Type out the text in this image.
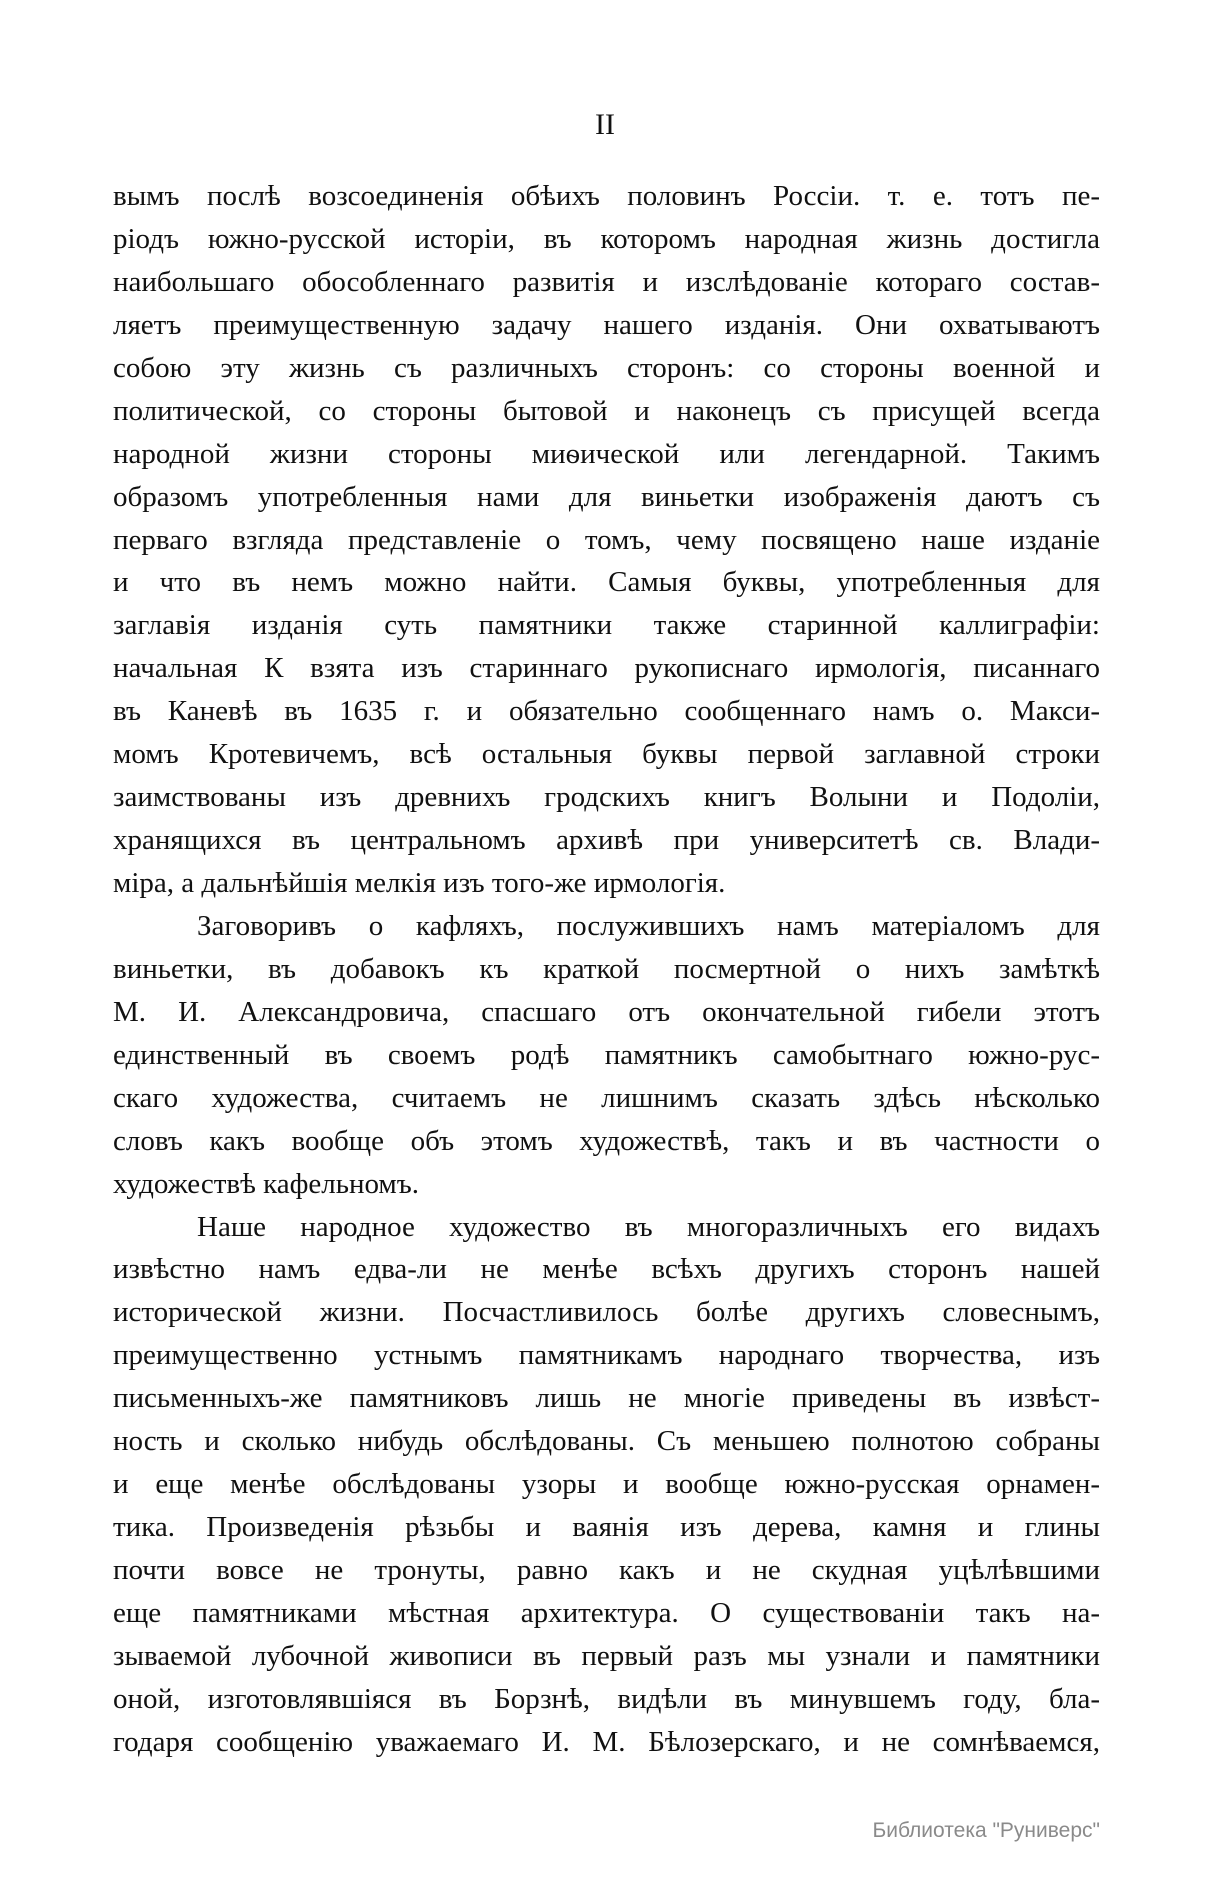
II
вымъ послѣ возсоединенія обѣихъ половинъ Россіи. т. е. тотъ пе-
ріодъ южно-русской исторіи, въ которомъ народная жизнь достигла
наибольшаго обособленнаго развитія и изслѣдованіе котораго состав-
ляетъ преимущественную задачу нашего изданія. Они охватываютъ
собою эту жизнь съ различныхъ сторонъ: со стороны военной и
политической, со стороны бытовой и наконецъ съ присущей всегда
народной жизни стороны миѳической или легендарной. Такимъ
образомъ употребленныя нами для виньетки изображенія даютъ съ
перваго взгляда представленіе о томъ, чему посвящено наше изданіе
и что въ немъ можно найти. Самыя буквы, употребленныя для
заглавія изданія суть памятники также старинной каллиграфіи:
начальная К взята изъ стариннаго рукописнаго ирмологія, писаннаго
въ Каневѣ въ 1635 г. и обязательно сообщеннаго намъ о. Макси-
момъ Кротевичемъ, всѣ остальныя буквы первой заглавной строки
заимствованы изъ древнихъ гродскихъ книгъ Волыни и Подоліи,
хранящихся въ центральномъ архивѣ при университетѣ св. Влади-
міра, а дальнѣйшія мелкія изъ того-же ирмологія.
Заговоривъ о кафляхъ, послужившихъ намъ матеріаломъ для
виньетки, въ добавокъ къ краткой посмертной о нихъ замѣткѣ
М. И. Александровича, спасшаго отъ окончательной гибели этотъ
единственный въ своемъ родѣ памятникъ самобытнаго южно-рус-
скаго художества, считаемъ не лишнимъ сказать здѣсь нѣсколько
словъ какъ вообще объ этомъ художествѣ, такъ и въ частности о
художествѣ кафельномъ.
Наше народное художество въ многоразличныхъ его видахъ
извѣстно намъ едва-ли не менѣе всѣхъ другихъ сторонъ нашей
исторической жизни. Посчастливилось болѣе другихъ словеснымъ,
преимущественно устнымъ памятникамъ народнаго творчества, изъ
письменныхъ-же памятниковъ лишь не многіе приведены въ извѣст-
ность и сколько нибудь обслѣдованы. Съ меньшею полнотою собраны
и еще менѣе обслѣдованы узоры и вообще южно-русская орнамен-
тика. Произведенія рѣзьбы и ваянія изъ дерева, камня и глины
почти вовсе не тронуты, равно какъ и не скудная уцѣлѣвшими
еще памятниками мѣстная архитектура. О существованіи такъ на-
зываемой лубочной живописи въ первый разъ мы узнали и памятники
оной, изготовлявшіяся въ Борзнѣ, видѣли въ минувшемъ году, бла-
годаря сообщенію уважаемаго И. М. Бѣлозерскаго, и не сомнѣваемся,
Библиотека "Руниверс"
